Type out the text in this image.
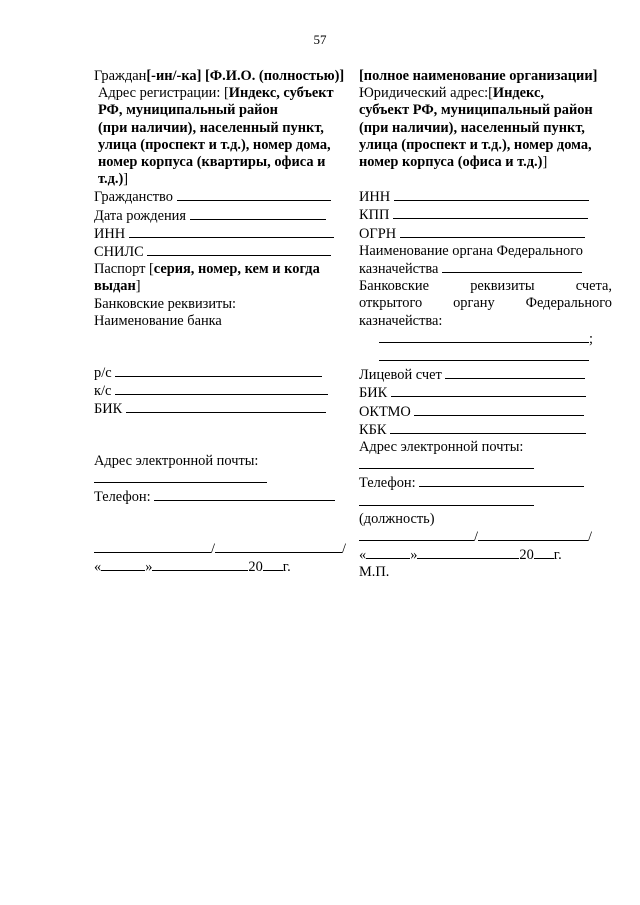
57
Граждан[-ин/-ка] [Ф.И.О. (полностью)]
Адрес регистрации: [Индекс, субъект
РФ, муниципальный район
(при наличии), населенный пункт,
улица (проспект и т.д.), номер дома,
номер корпуса (квартиры, офиса и
т.д.)]
Гражданство
Дата рождения
ИНН
СНИЛС
Паспорт [серия, номер, кем и когда
выдан]
Банковские реквизиты:
Наименование банка
р/с
к/с
БИК
Адрес электронной почты:
Телефон:
/	/
«	»	20 г.
[полное наименование организации]
Юридический адрес:[Индекс,
субъект РФ, муниципальный район
(при наличии), населенный пункт,
улица (проспект и т.д.), номер дома,
номер корпуса (офиса и т.д.)]
ИНН
КПП
ОГРН
Наименование органа Федерального
казначейства
Банковские	реквизиты	счета,
открытого органу Федерального
казначейства:
;
Лицевой счет
БИК
ОКТМО
КБК
Адрес электронной почты:
Телефон:
(должность)
/	/
«	»	20 г.
М.П.
